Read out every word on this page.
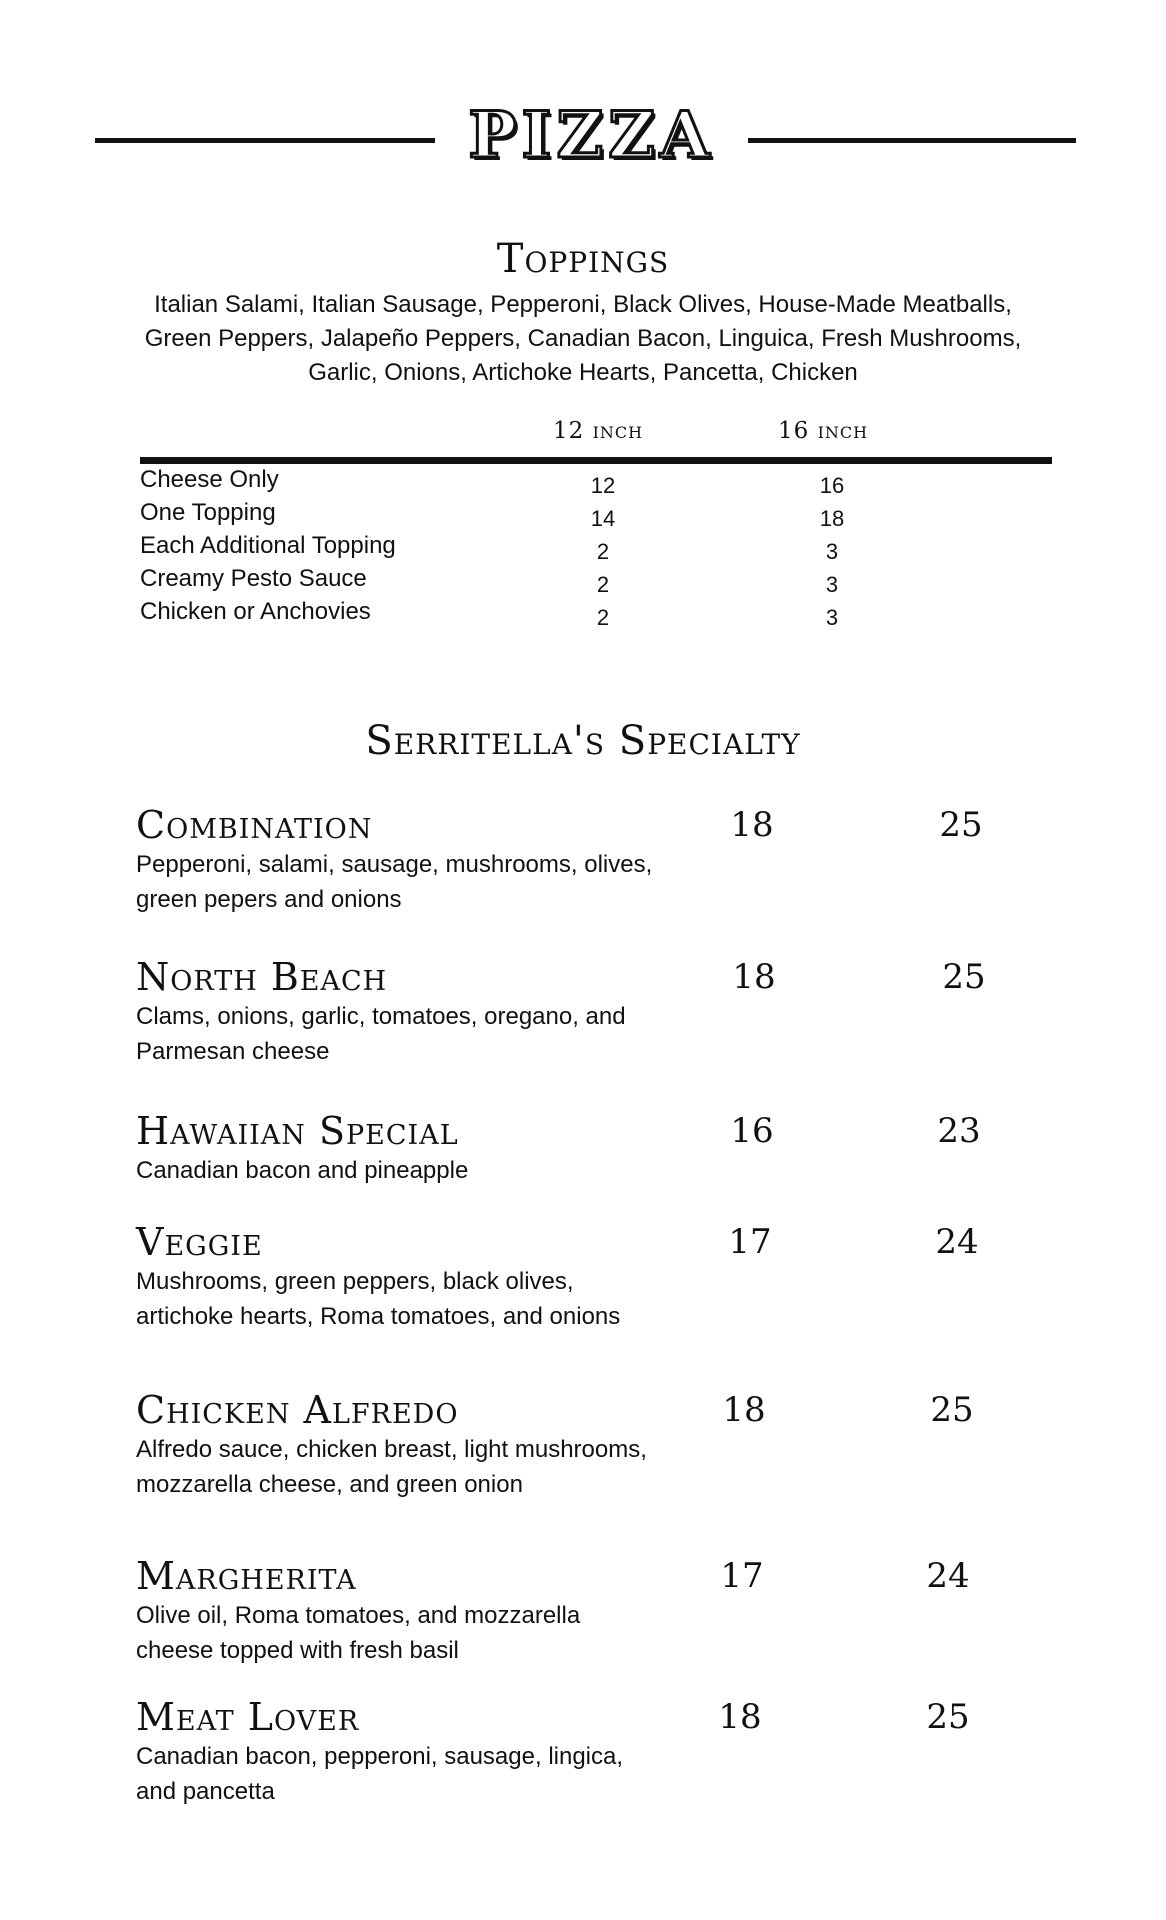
PIZZA
Toppings
Italian Salami, Italian Sausage, Pepperoni, Black Olives, House-Made Meatballs, Green Peppers, Jalapeño Peppers, Canadian Bacon, Linguica, Fresh Mushrooms, Garlic, Onions, Artichoke Hearts, Pancetta, Chicken
12 inch	16 inch
Cheese Only	12	16
One Topping	14	18
Each Additional Topping	2	3
Creamy Pesto Sauce	2	3
Chicken or Anchovies	2	3
Serritella's Specialty
Combination
Pepperoni, salami, sausage, mushrooms, olives, green pepers and onions
18	25
North Beach
Clams, onions, garlic, tomatoes, oregano, and Parmesan cheese
18	25
Hawaiian Special
Canadian bacon and pineapple
16	23
Veggie
Mushrooms, green peppers, black olives, artichoke hearts, Roma tomatoes, and onions
17	24
Chicken Alfredo
Alfredo sauce, chicken breast, light mushrooms, mozzarella cheese, and green onion
18	25
Margherita
Olive oil, Roma tomatoes, and mozzarella cheese topped with fresh basil
17	24
Meat Lover
Canadian bacon, pepperoni, sausage, lingica, and pancetta
18	25
